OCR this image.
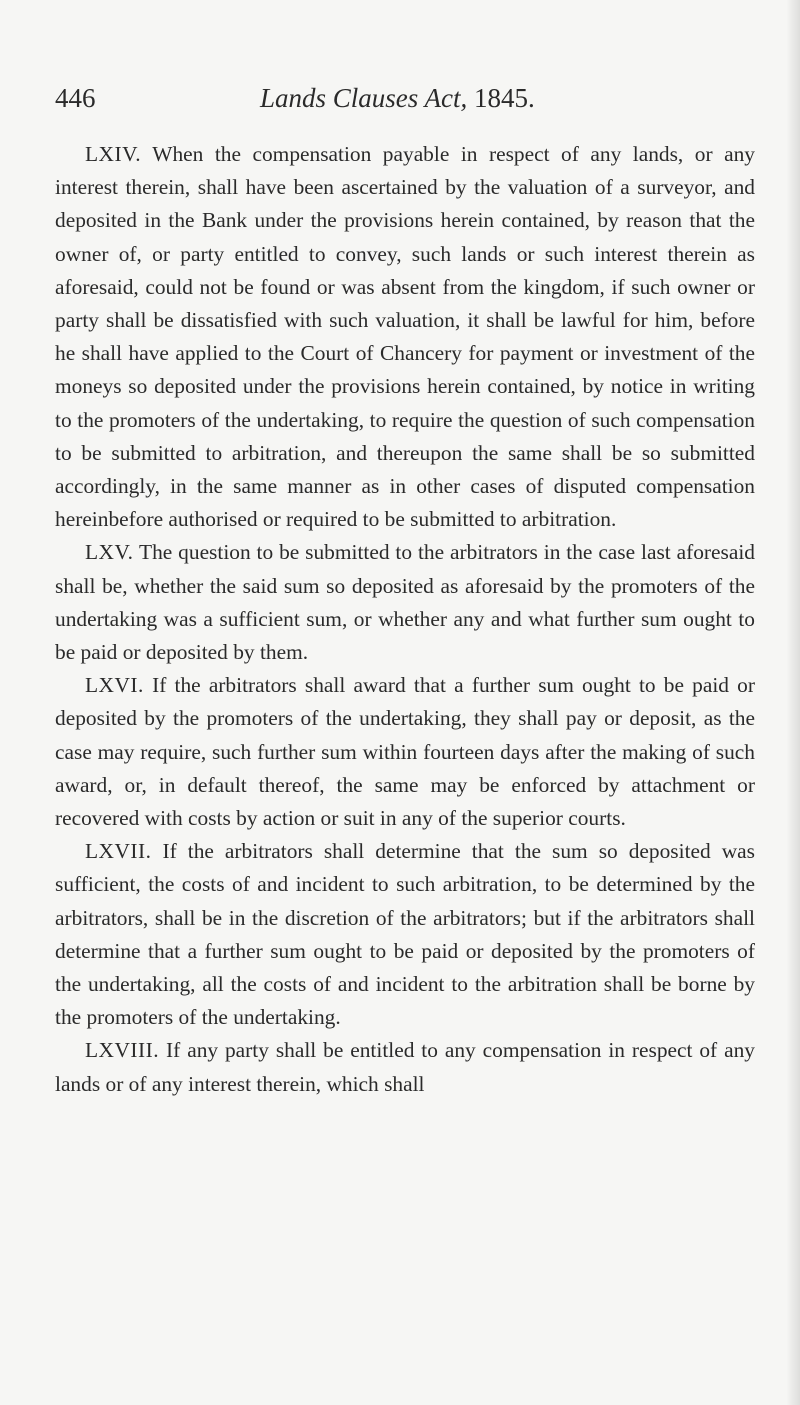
446	Lands Clauses Act, 1845.

LXIV. When the compensation payable in respect of any lands, or any interest therein, shall have been ascertained by the valuation of a surveyor, and deposited in the Bank under the provisions herein contained, by reason that the owner of, or party entitled to convey, such lands or such interest therein as aforesaid, could not be found or was absent from the kingdom, if such owner or party shall be dissatisfied with such valuation, it shall be lawful for him, before he shall have applied to the Court of Chancery for payment or investment of the moneys so deposited under the provisions herein contained, by notice in writing to the promoters of the undertaking, to require the question of such compensation to be submitted to arbitration, and thereupon the same shall be so submitted accordingly, in the same manner as in other cases of disputed compensation hereinbefore authorised or required to be submitted to arbitration.

LXV. The question to be submitted to the arbitrators in the case last aforesaid shall be, whether the said sum so deposited as aforesaid by the promoters of the undertaking was a sufficient sum, or whether any and what further sum ought to be paid or deposited by them.

LXVI. If the arbitrators shall award that a further sum ought to be paid or deposited by the promoters of the undertaking, they shall pay or deposit, as the case may require, such further sum within fourteen days after the making of such award, or, in default thereof, the same may be enforced by attachment or recovered with costs by action or suit in any of the superior courts.

LXVII. If the arbitrators shall determine that the sum so deposited was sufficient, the costs of and incident to such arbitration, to be determined by the arbitrators, shall be in the discretion of the arbitrators; but if the arbitrators shall determine that a further sum ought to be paid or deposited by the promoters of the undertaking, all the costs of and incident to the arbitration shall be borne by the promoters of the undertaking.

LXVIII. If any party shall be entitled to any compensation in respect of any lands or of any interest therein, which shall
